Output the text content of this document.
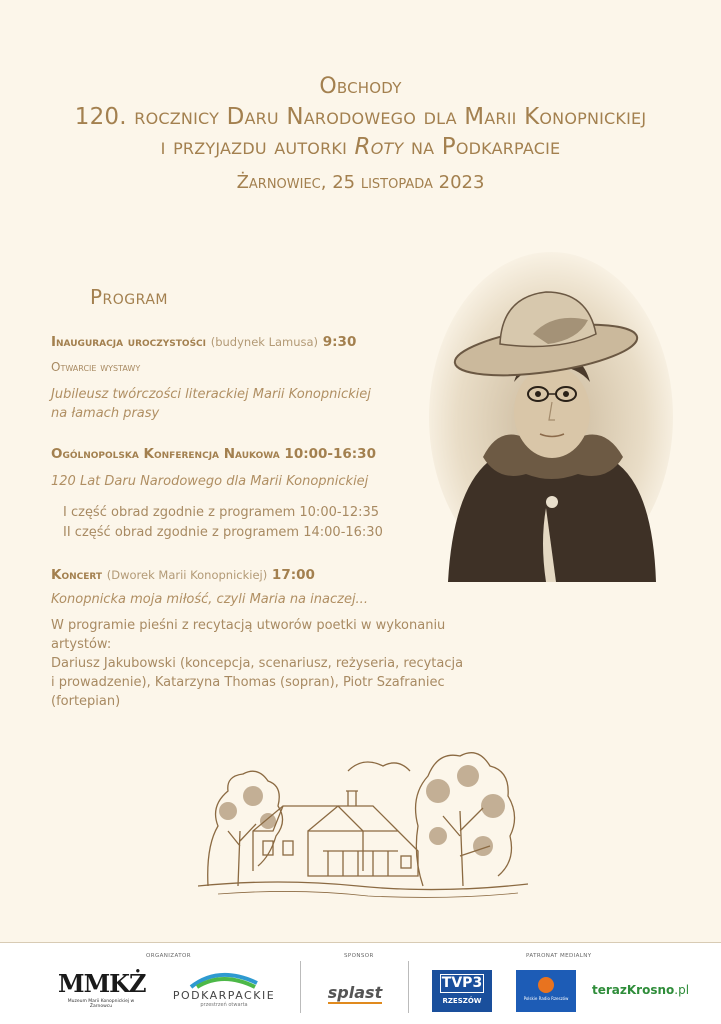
Obchody
120. rocznicy Daru Narodowego dla Marii Konopnickiej
i przyjazdu autorki Roty na Podkarpacie
Żarnowiec, 25 listopada 2023
Program
Inauguracja uroczystości (budynek Lamusa) 9:30
Otwarcie wystawy
Jubileusz twórczości literackiej Marii Konopnickiej
na łamach prasy
Ogólnopolska Konferencja Naukowa 10:00-16:30
120 Lat Daru Narodowego dla Marii Konopnickiej
I część obrad zgodnie z programem 10:00-12:35
II część obrad zgodnie z programem 14:00-16:30
Koncert (Dworek Marii Konopnickiej) 17:00
Konopnicka moja miłość, czyli Maria na inaczej...
W programie pieśni z recytacją utworów poetki w wykonaniu artystów:
Dariusz Jakubowski (koncepcja, scenariusz, reżyseria, recytacja
i prowadzenie), Katarzyna Thomas (sopran), Piotr Szafraniec (fortepian)
ORGANIZATOR	SPONSOR	PATRONAT MEDIALNY
MMKŻ
Muzeum Marii Konopnickiej w Żarnowcu
PODKARPACKIE
przestrzeń otwarta
splast	TVP3
RZESZÓW	Polskie Radio Rzeszów
terazKrosno.pl
